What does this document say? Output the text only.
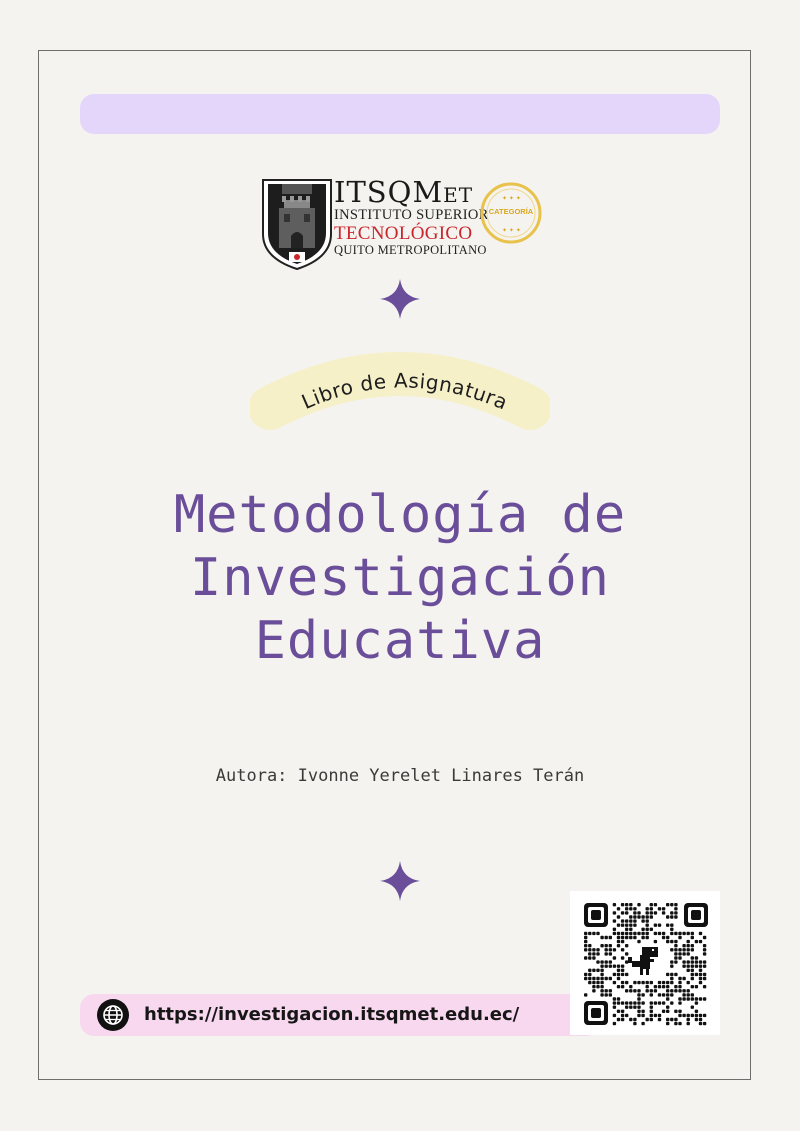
ITSQMET
INSTITUTO SUPERIOR
TECNOLÓGICO
QUITO METROPOLITANO
CATEGORÍA
✦ ✦ ✦
✦ ✦ ✦
Libro de Asignatura
Metodología de
Investigación
Educativa
Autora: Ivonne Yerelet Linares Terán
https://investigacion.itsqmet.edu.ec/
